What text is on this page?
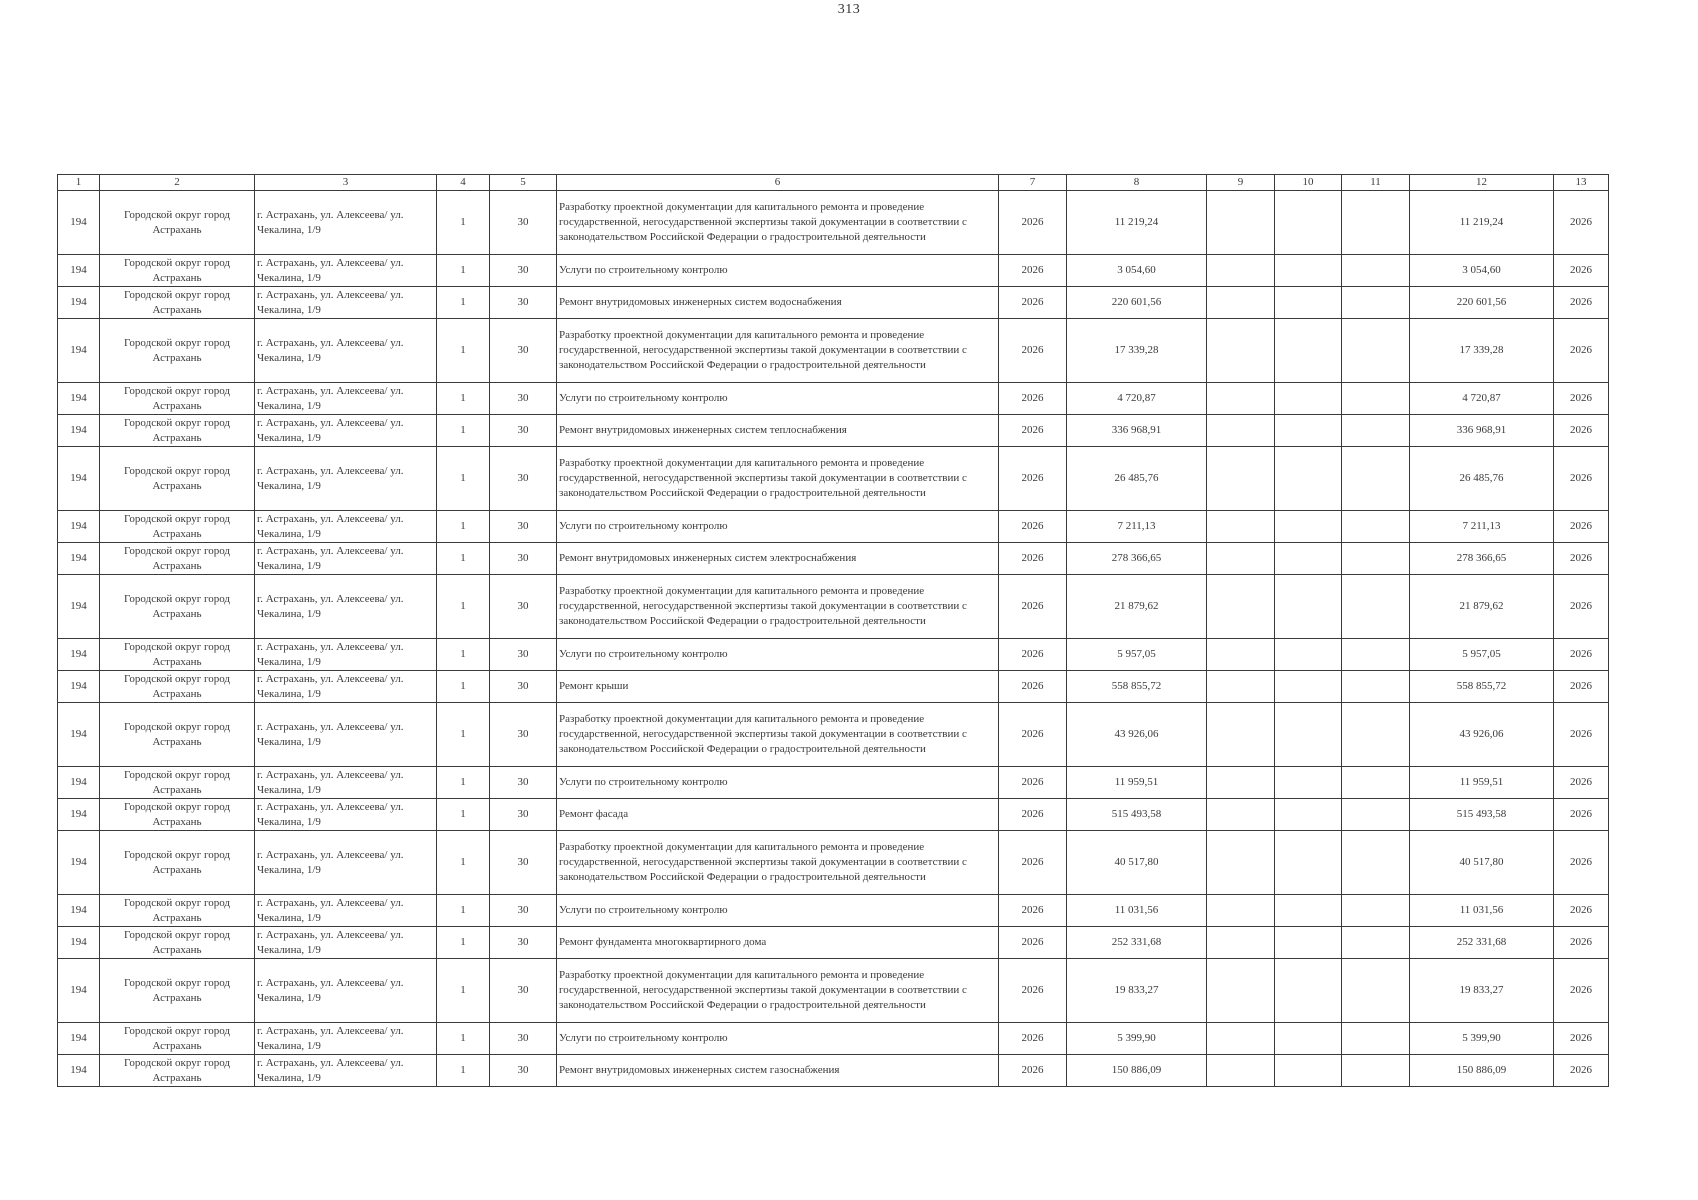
313
1	2	3	4	5	6	7	8	9	10	11	12	13
194	Городской округ город Астрахань	г. Астрахань, ул. Алексеева/ ул. Чекалина, 1/9	1	30	Разработку проектной документации для капитального ремонта и проведение государственной, негосударственной экспертизы такой документации в соответствии с законодательством Российской Федерации о градостроительной деятельности	2026	11 219,24				11 219,24	2026
194	Городской округ город Астрахань	г. Астрахань, ул. Алексеева/ ул. Чекалина, 1/9	1	30	Услуги по строительному контролю	2026	3 054,60				3 054,60	2026
194	Городской округ город Астрахань	г. Астрахань, ул. Алексеева/ ул. Чекалина, 1/9	1	30	Ремонт внутридомовых инженерных систем водоснабжения	2026	220 601,56				220 601,56	2026
194	Городской округ город Астрахань	г. Астрахань, ул. Алексеева/ ул. Чекалина, 1/9	1	30	Разработку проектной документации для капитального ремонта и проведение государственной, негосударственной экспертизы такой документации в соответствии с законодательством Российской Федерации о градостроительной деятельности	2026	17 339,28				17 339,28	2026
194	Городской округ город Астрахань	г. Астрахань, ул. Алексеева/ ул. Чекалина, 1/9	1	30	Услуги по строительному контролю	2026	4 720,87				4 720,87	2026
194	Городской округ город Астрахань	г. Астрахань, ул. Алексеева/ ул. Чекалина, 1/9	1	30	Ремонт внутридомовых инженерных систем теплоснабжения	2026	336 968,91				336 968,91	2026
194	Городской округ город Астрахань	г. Астрахань, ул. Алексеева/ ул. Чекалина, 1/9	1	30	Разработку проектной документации для капитального ремонта и проведение государственной, негосударственной экспертизы такой документации в соответствии с законодательством Российской Федерации о градостроительной деятельности	2026	26 485,76				26 485,76	2026
194	Городской округ город Астрахань	г. Астрахань, ул. Алексеева/ ул. Чекалина, 1/9	1	30	Услуги по строительному контролю	2026	7 211,13				7 211,13	2026
194	Городской округ город Астрахань	г. Астрахань, ул. Алексеева/ ул. Чекалина, 1/9	1	30	Ремонт внутридомовых инженерных систем электроснабжения	2026	278 366,65				278 366,65	2026
194	Городской округ город Астрахань	г. Астрахань, ул. Алексеева/ ул. Чекалина, 1/9	1	30	Разработку проектной документации для капитального ремонта и проведение государственной, негосударственной экспертизы такой документации в соответствии с законодательством Российской Федерации о градостроительной деятельности	2026	21 879,62				21 879,62	2026
194	Городской округ город Астрахань	г. Астрахань, ул. Алексеева/ ул. Чекалина, 1/9	1	30	Услуги по строительному контролю	2026	5 957,05				5 957,05	2026
194	Городской округ город Астрахань	г. Астрахань, ул. Алексеева/ ул. Чекалина, 1/9	1	30	Ремонт крыши	2026	558 855,72				558 855,72	2026
194	Городской округ город Астрахань	г. Астрахань, ул. Алексеева/ ул. Чекалина, 1/9	1	30	Разработку проектной документации для капитального ремонта и проведение государственной, негосударственной экспертизы такой документации в соответствии с законодательством Российской Федерации о градостроительной деятельности	2026	43 926,06				43 926,06	2026
194	Городской округ город Астрахань	г. Астрахань, ул. Алексеева/ ул. Чекалина, 1/9	1	30	Услуги по строительному контролю	2026	11 959,51				11 959,51	2026
194	Городской округ город Астрахань	г. Астрахань, ул. Алексеева/ ул. Чекалина, 1/9	1	30	Ремонт фасада	2026	515 493,58				515 493,58	2026
194	Городской округ город Астрахань	г. Астрахань, ул. Алексеева/ ул. Чекалина, 1/9	1	30	Разработку проектной документации для капитального ремонта и проведение государственной, негосударственной экспертизы такой документации в соответствии с законодательством Российской Федерации о градостроительной деятельности	2026	40 517,80				40 517,80	2026
194	Городской округ город Астрахань	г. Астрахань, ул. Алексеева/ ул. Чекалина, 1/9	1	30	Услуги по строительному контролю	2026	11 031,56				11 031,56	2026
194	Городской округ город Астрахань	г. Астрахань, ул. Алексеева/ ул. Чекалина, 1/9	1	30	Ремонт фундамента многоквартирного дома	2026	252 331,68				252 331,68	2026
194	Городской округ город Астрахань	г. Астрахань, ул. Алексеева/ ул. Чекалина, 1/9	1	30	Разработку проектной документации для капитального ремонта и проведение государственной, негосударственной экспертизы такой документации в соответствии с законодательством Российской Федерации о градостроительной деятельности	2026	19 833,27				19 833,27	2026
194	Городской округ город Астрахань	г. Астрахань, ул. Алексеева/ ул. Чекалина, 1/9	1	30	Услуги по строительному контролю	2026	5 399,90				5 399,90	2026
194	Городской округ город Астрахань	г. Астрахань, ул. Алексеева/ ул. Чекалина, 1/9	1	30	Ремонт внутридомовых инженерных систем газоснабжения	2026	150 886,09				150 886,09	2026
